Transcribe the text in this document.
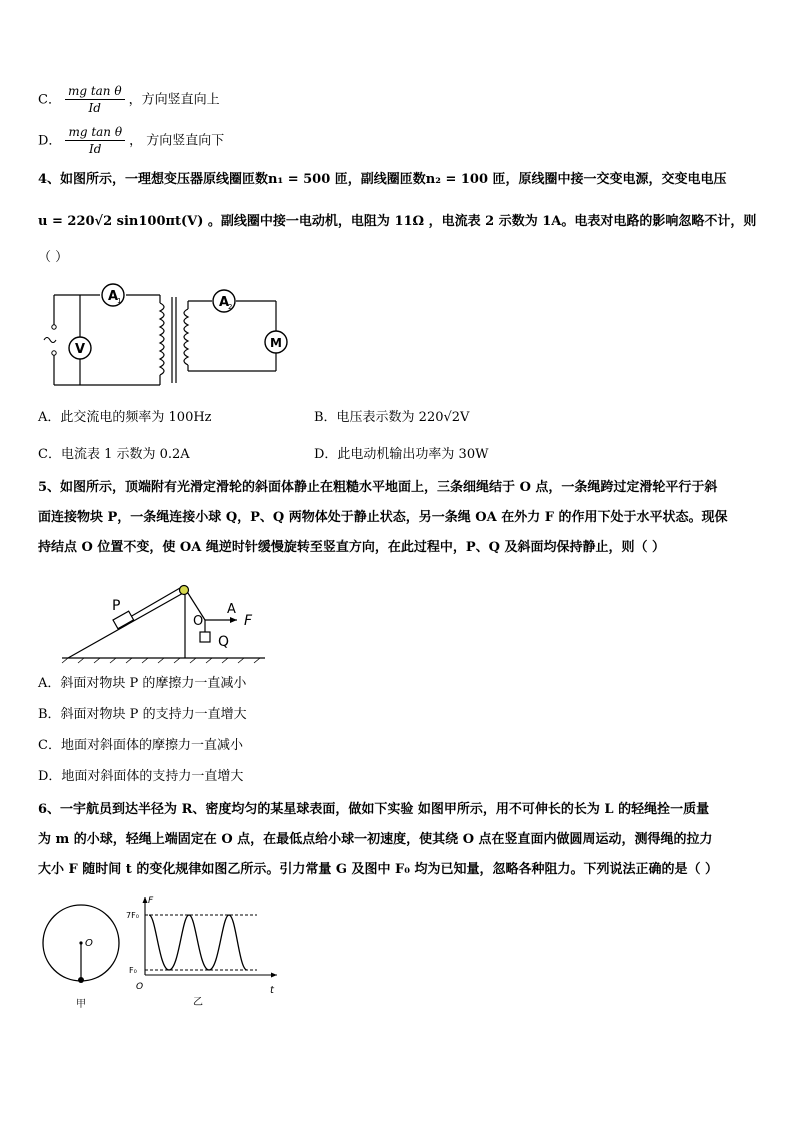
C． $\frac{\text{mg tan θ}}{Id}$ ，方向竖直向上
D． $\frac{\text{mg tan θ}}{Id}$ ， 方向竖直向下
4、如图所示，一理想变压器原线圈匝数n₁ = 500 匝，副线圈匝数n₂ = 100 匝，原线圈中接一交变电源，交变电电压
u = 220√2 sin100πt(V) 。副线圈中接一电动机，电阻为 11Ω ，电流表 2 示数为 1A。电表对电路的影响忽略不计，则
（ ）
A
1
V
A
2
M
A．此交流电的频率为 100Hz	B．电压表示数为 220√2V
C．电流表 1 示数为 0.2A	D．此电动机输出功率为 30W
5、如图所示，顶端附有光滑定滑轮的斜面体静止在粗糙水平地面上，三条细绳结于 O 点，一条绳跨过定滑轮平行于斜
面连接物块 P，一条绳连接小球 Q，P、Q 两物体处于静止状态，另一条绳 OA 在外力 F 的作用下处于水平状态。现保
持结点 O 位置不变，使 OA 绳逆时针缓慢旋转至竖直方向，在此过程中，P、Q 及斜面均保持静止，则（ ）
P
O
A
F
Q
A．斜面对物块 P 的摩擦力一直减小
B．斜面对物块 P 的支持力一直增大
C．地面对斜面体的摩擦力一直减小
D．地面对斜面体的支持力一直增大
6、一宇航员到达半径为 R、密度均匀的某星球表面，做如下实验 如图甲所示，用不可伸长的长为 L 的轻绳拴一质量
为 m 的小球，轻绳上端固定在 O 点，在最低点给小球一初速度，使其绕 O 点在竖直面内做圆周运动，测得绳的拉力
大小 F 随时间 t 的变化规律如图乙所示。引力常量 G 及图中 F₀ 均为已知量，忽略各种阻力。下列说法正确的是（ ）
O
甲
F
t
O
7F₀
F₀
乙
